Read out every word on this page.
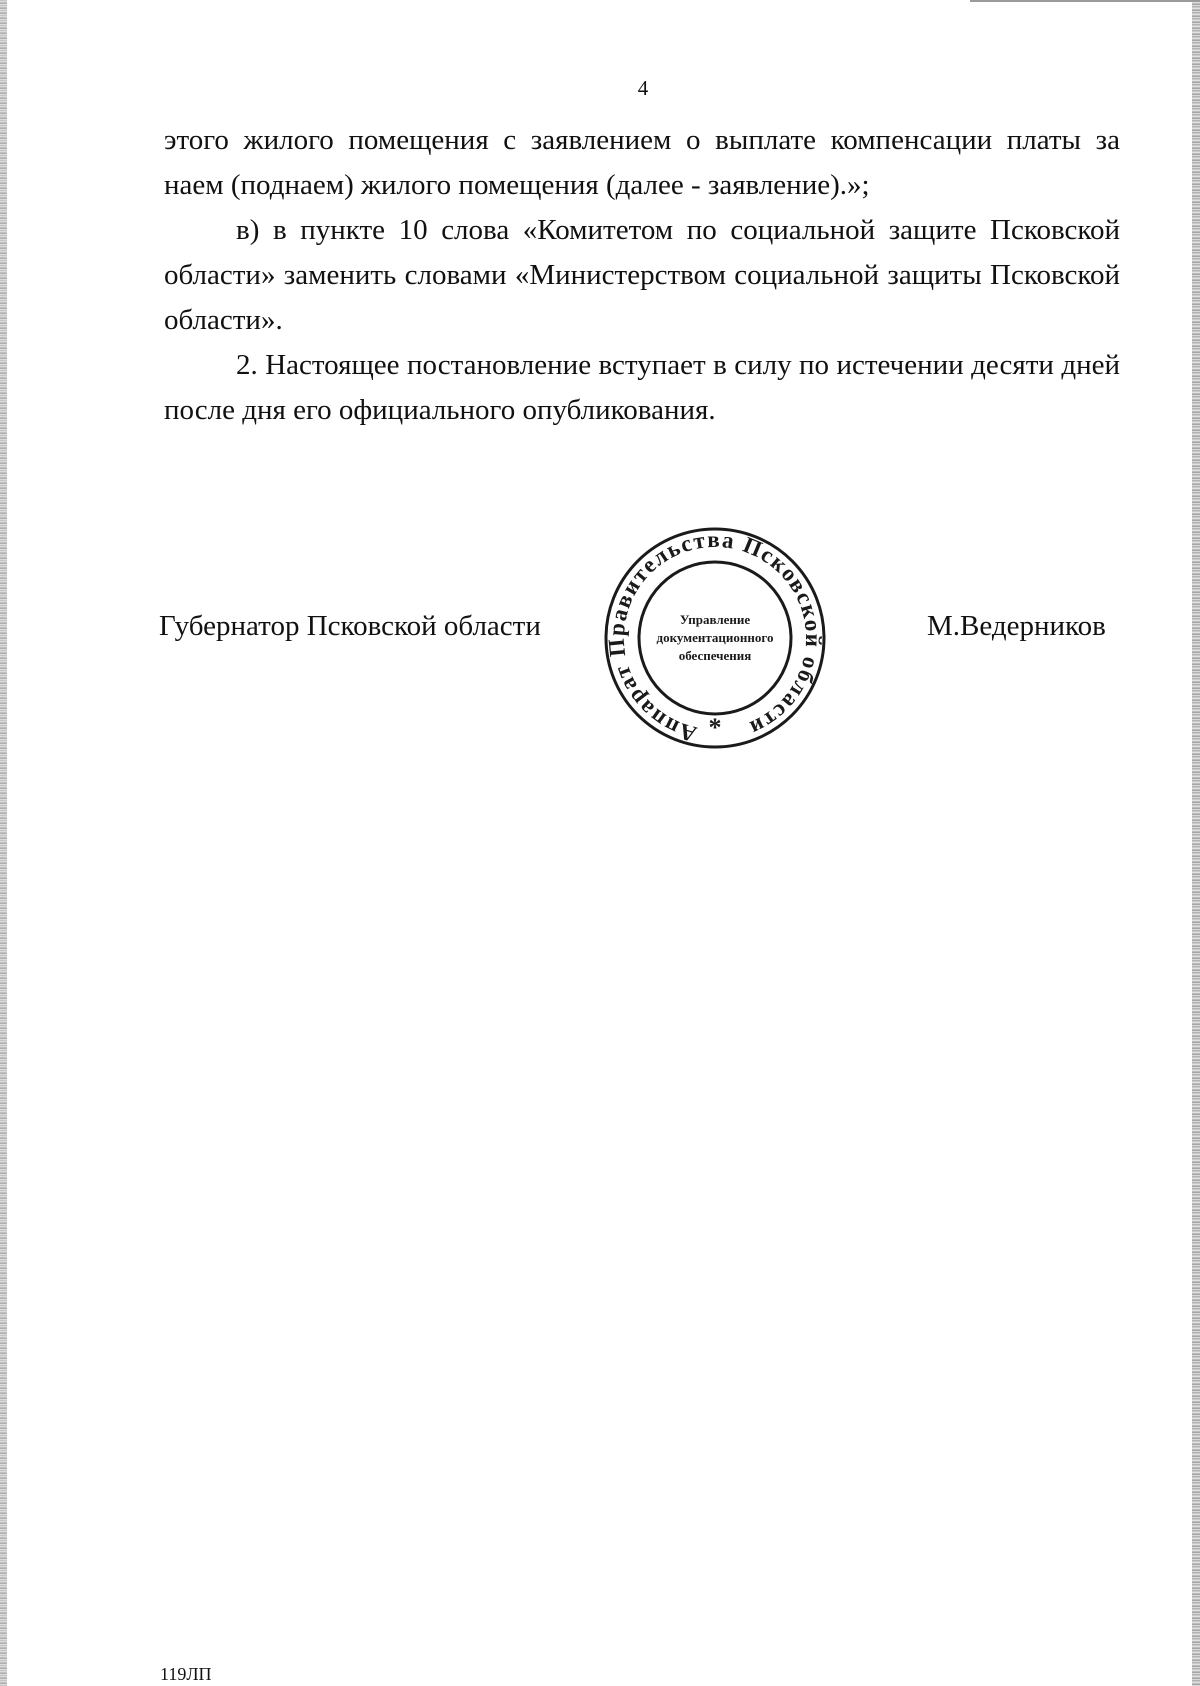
4

этого жилого помещения с заявлением о выплате компенсации платы за наем (поднаем) жилого помещения (далее - заявление).»;

в) в пункте 10 слова «Комитетом по социальной защите Псковской области» заменить словами «Министерством социальной защиты Псковской области».

2. Настоящее постановление вступает в силу по истечении десяти дней после дня его официального опубликования.

Губернатор Псковской области
Аппарат Правительства Псковской области
*
Управление
документационного
обеспечения
М.Ведерников
119ЛП
